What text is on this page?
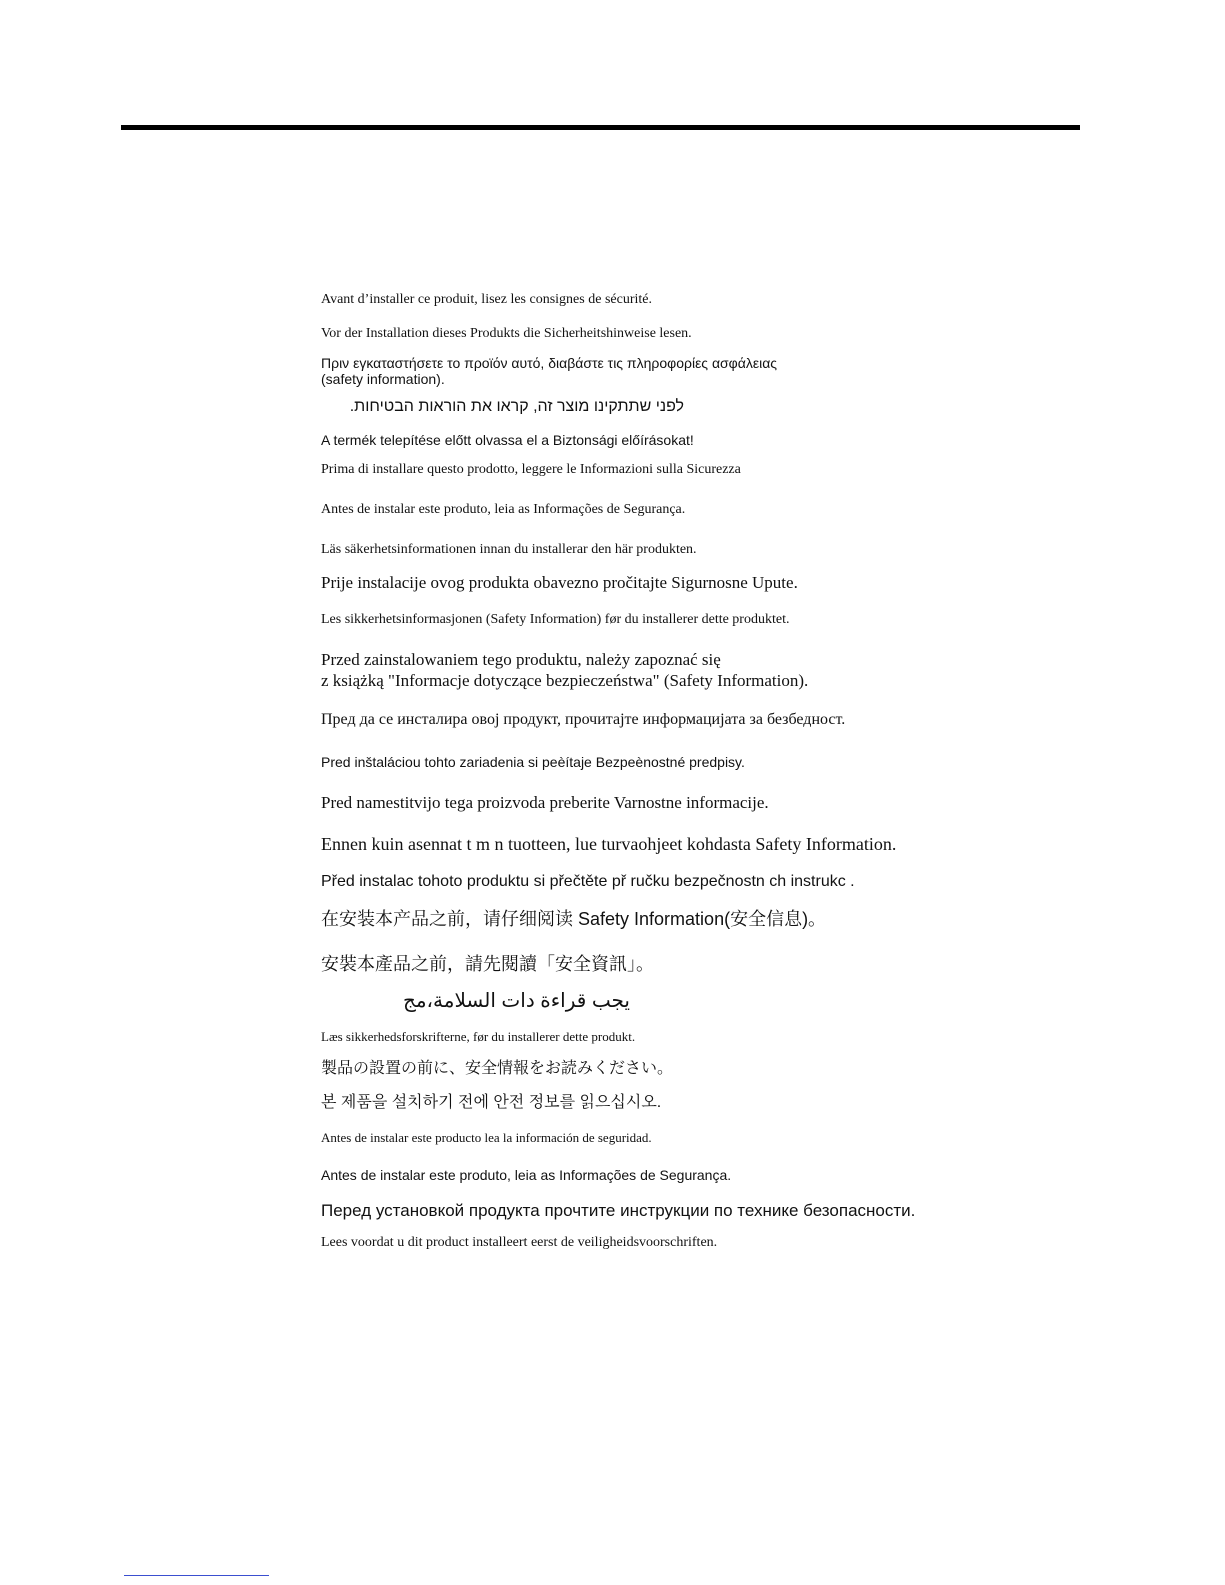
Avant d’installer ce produit, lisez les consignes de sécurité.

Vor der Installation dieses Produkts die Sicherheitshinweise lesen.

Πριν εγκαταστήσετε το προϊόν αυτό, διαβάστε τις πληροφορίες ασφάλειας

(safety information).

לפני שתתקינו מוצר זה, קראו את הוראות הבטיחות.

A termék telepítése előtt olvassa el a Biztonsági előírásokat!

Prima di installare questo prodotto, leggere le Informazioni sulla Sicurezza

Antes de instalar este produto, leia as Informações de Segurança.

Läs säkerhetsinformationen innan du installerar den här produkten.

Prije instalacije ovog produkta obavezno pročitajte Sigurnosne Upute.

Les sikkerhetsinformasjonen (Safety Information) før du installerer dette produktet.

Przed zainstalowaniem tego produktu, należy zapoznać się

z książką "Informacje dotyczące bezpieczeństwa" (Safety Information).

Пред да се инсталира овој продукт, прочитајте информацијата за безбедност.

Pred inštaláciou tohto zariadenia si peèítaje Bezpeènostné predpisy.

Pred namestitvijo tega proizvoda preberite Varnostne informacije.

Ennen kuin asennat t m n tuotteen, lue turvaohjeet kohdasta Safety Information.

Před instalac tohoto produktu si přečtěte př ručku bezpečnostn ch instrukc .

在安装本产品之前，请仔细阅读 Safety Information(安全信息)。

安裝本產品之前，請先閱讀「安全資訊」。

يجب قراءة دات السلامة،مج

Læs sikkerhedsforskrifterne, før du installerer dette produkt.

製品の設置の前に、安全情報をお読みください。

본 제품을 설치하기 전에 안전 정보를 읽으십시오.

Antes de instalar este producto lea la información de seguridad.

Antes de instalar este produto, leia as Informações de Segurança.

Перед установкой продукта прочтите инструкции по технике безопасности.

Lees voordat u dit product installeert eerst de veiligheidsvoorschriften.
